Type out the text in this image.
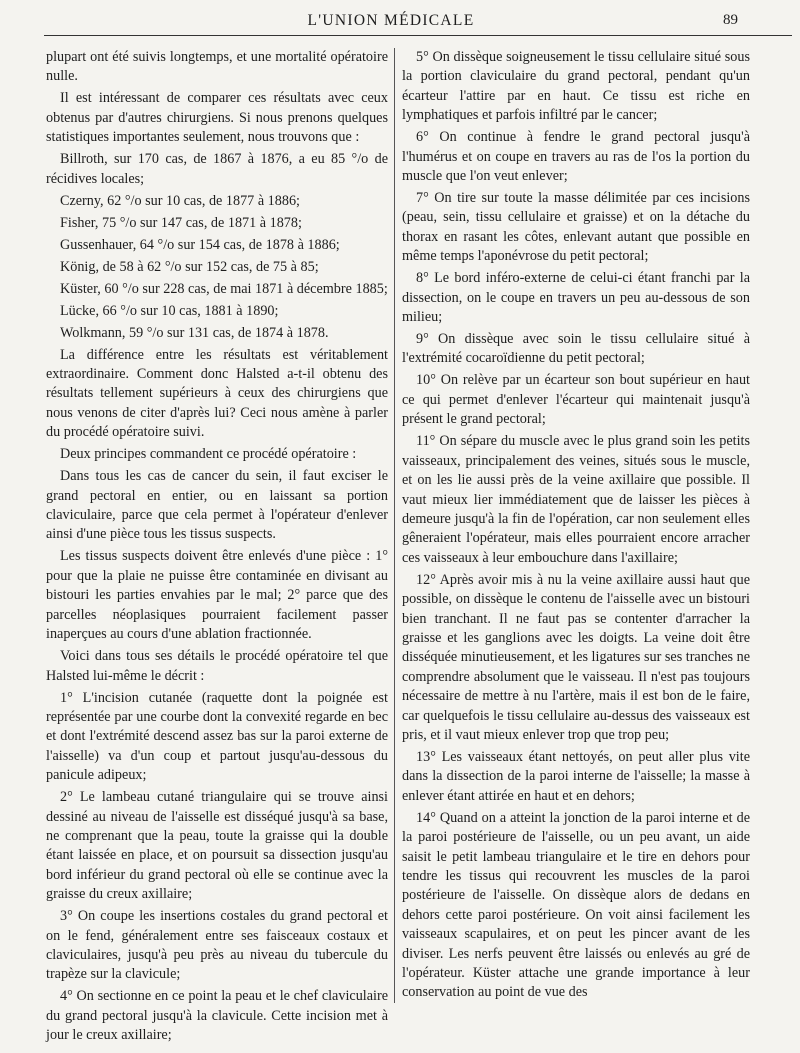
L'UNION MÉDICALE	89

plupart ont été suivis longtemps, et une mortalité opératoire nulle.

Il est intéressant de comparer ces résultats avec ceux obtenus par d'autres chirurgiens. Si nous prenons quelques statistiques importantes seulement, nous trouvons que :

Billroth, sur 170 cas, de 1867 à 1876, a eu 85 °/o de récidives locales;

Czerny, 62 °/o sur 10 cas, de 1877 à 1886;

Fisher, 75 °/o sur 147 cas, de 1871 à 1878;

Gussenhauer, 64 °/o sur 154 cas, de 1878 à 1886;

König, de 58 à 62 °/o sur 152 cas, de 75 à 85;

Küster, 60 °/o sur 228 cas, de mai 1871 à décembre 1885;

Lücke, 66 °/o sur 10 cas, 1881 à 1890;

Wolkmann, 59 °/o sur 131 cas, de 1874 à 1878.

La différence entre les résultats est véritablement extraordinaire. Comment donc Halsted a-t-il obtenu des résultats tellement supérieurs à ceux des chirurgiens que nous venons de citer d'après lui? Ceci nous amène à parler du procédé opératoire suivi.

Deux principes commandent ce procédé opératoire :

Dans tous les cas de cancer du sein, il faut exciser le grand pectoral en entier, ou en laissant sa portion claviculaire, parce que cela permet à l'opérateur d'enlever ainsi d'une pièce tous les tissus suspects.

Les tissus suspects doivent être enlevés d'une pièce : 1° pour que la plaie ne puisse être contaminée en divisant au bistouri les parties envahies par le mal; 2° parce que des parcelles néoplasiques pourraient facilement passer inaperçues au cours d'une ablation fractionnée.

Voici dans tous ses détails le procédé opératoire tel que Halsted lui-même le décrit :

1° L'incision cutanée (raquette dont la poignée est représentée par une courbe dont la convexité regarde en bec et dont l'extrémité descend assez bas sur la paroi externe de l'aisselle) va d'un coup et partout jusqu'au-dessous du panicule adipeux;

2° Le lambeau cutané triangulaire qui se trouve ainsi dessiné au niveau de l'aisselle est disséqué jusqu'à sa base, ne comprenant que la peau, toute la graisse qui la double étant laissée en place, et on poursuit sa dissection jusqu'au bord inférieur du grand pectoral où elle se continue avec la graisse du creux axillaire;

3° On coupe les insertions costales du grand pectoral et on le fend, généralement entre ses faisceaux costaux et claviculaires, jusqu'à peu près au niveau du tubercule du trapèze sur la clavicule;

4° On sectionne en ce point la peau et le chef claviculaire du grand pectoral jusqu'à la clavicule. Cette incision met à jour le creux axillaire;

5° On dissèque soigneusement le tissu cellulaire situé sous la portion claviculaire du grand pectoral, pendant qu'un écarteur l'attire par en haut. Ce tissu est riche en lymphatiques et parfois infiltré par le cancer;

6° On continue à fendre le grand pectoral jusqu'à l'humérus et on coupe en travers au ras de l'os la portion du muscle que l'on veut enlever;

7° On tire sur toute la masse délimitée par ces incisions (peau, sein, tissu cellulaire et graisse) et on la détache du thorax en rasant les côtes, enlevant autant que possible en même temps l'aponévrose du petit pectoral;

8° Le bord inféro-externe de celui-ci étant franchi par la dissection, on le coupe en travers un peu au-dessous de son milieu;

9° On dissèque avec soin le tissu cellulaire situé à l'extrémité cocaroïdienne du petit pectoral;

10° On relève par un écarteur son bout supérieur en haut ce qui permet d'enlever l'écarteur qui maintenait jusqu'à présent le grand pectoral;

11° On sépare du muscle avec le plus grand soin les petits vaisseaux, principalement des veines, situés sous le muscle, et on les lie aussi près de la veine axillaire que possible. Il vaut mieux lier immédiatement que de laisser les pièces à demeure jusqu'à la fin de l'opération, car non seulement elles gêneraient l'opérateur, mais elles pourraient encore arracher ces vaisseaux à leur embouchure dans l'axillaire;

12° Après avoir mis à nu la veine axillaire aussi haut que possible, on dissèque le contenu de l'aisselle avec un bistouri bien tranchant. Il ne faut pas se contenter d'arracher la graisse et les ganglions avec les doigts. La veine doit être disséquée minutieusement, et les ligatures sur ses tranches ne comprendre absolument que le vaisseau. Il n'est pas toujours nécessaire de mettre à nu l'artère, mais il est bon de le faire, car quelquefois le tissu cellulaire au-dessus des vaisseaux est pris, et il vaut mieux enlever trop que trop peu;

13° Les vaisseaux étant nettoyés, on peut aller plus vite dans la dissection de la paroi interne de l'aisselle; la masse à enlever étant attirée en haut et en dehors;

14° Quand on a atteint la jonction de la paroi interne et de la paroi postérieure de l'aisselle, ou un peu avant, un aide saisit le petit lambeau triangulaire et le tire en dehors pour tendre les tissus qui recouvrent les muscles de la paroi postérieure de l'aisselle. On dissèque alors de dedans en dehors cette paroi postérieure. On voit ainsi facilement les vaisseaux scapulaires, et on peut les pincer avant de les diviser. Les nerfs peuvent être laissés ou enlevés au gré de l'opérateur. Küster attache une grande importance à leur conservation au point de vue des
